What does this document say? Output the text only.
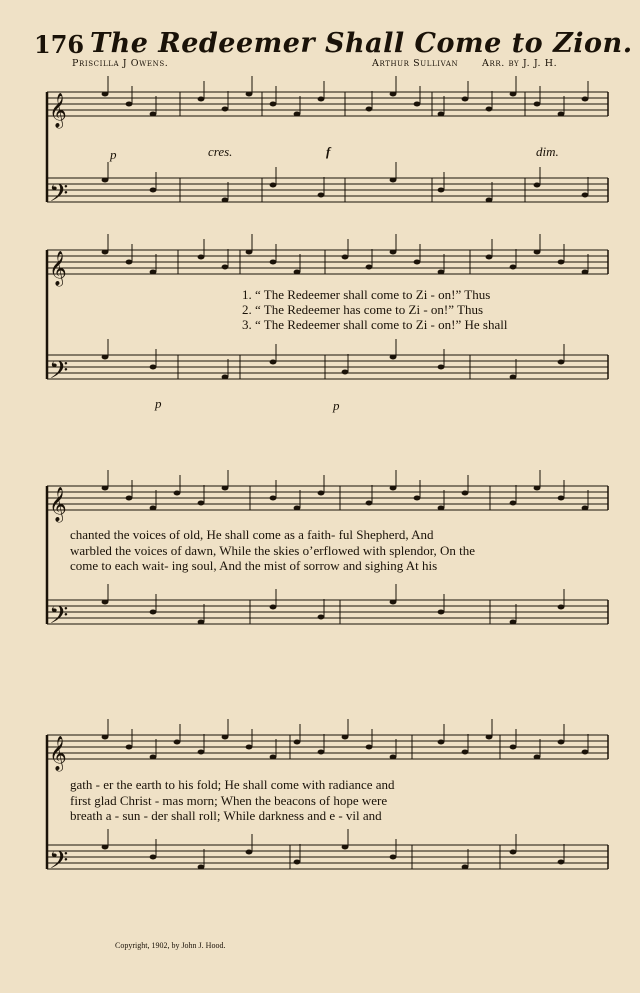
176 The Redeemer Shall Come to Zion.
Priscilla J Owens.	Arthur Sullivan	Arr. by J. J. H.
𝄞
𝄢
𝄞
𝄢
𝄞
𝄢
𝄞
𝄢
p	cres.	f	dim.
p	p
1. “ The Redeemer shall come to Zi - on!” Thus
2. “ The Redeemer has come to Zi - on!” Thus
3. “ The Redeemer shall come to Zi - on!” He shall
chanted the voices of old, He shall come as a faith- ful Shepherd, And
warbled the voices of dawn, While the skies o’erflowed with splendor, On the
come to each wait- ing soul, And the mist of sorrow and sighing At his
gath - er the earth to his fold; He shall come with radiance and
first glad Christ - mas morn; When the beacons of hope were
breath a - sun - der shall roll; While darkness and e - vil and
Copyright, 1902, by John J. Hood.
